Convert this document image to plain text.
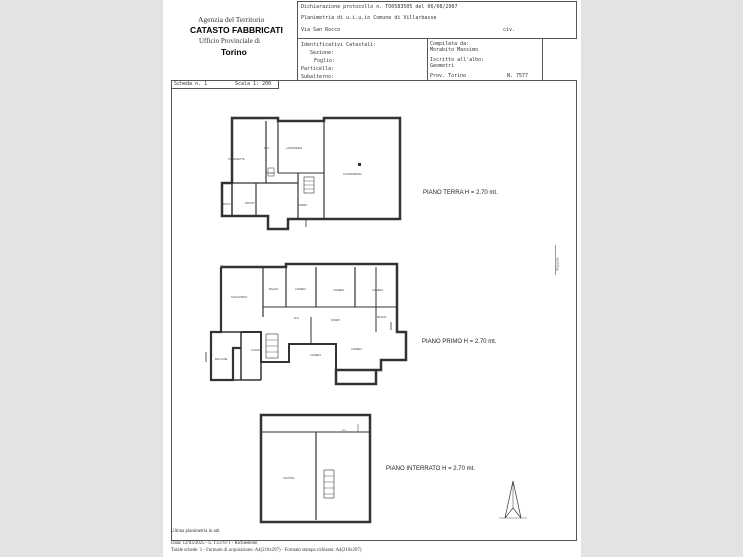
Agenzia del Territorio
CATASTO FABBRICATI
Ufficio Provinciale di
Torino
Dichiarazione protocollo n. TO0583505 del 06/08/2007
Planimetria di u.i.u.in Comune di Villarbasse
Via San Rocco	civ.
Identificativi Catastali:
Sezione:
Foglio:
Particella:
Subalterno:
Compilata da:
Morabito Massimo
Iscritto all'albo:
Geometri
Prov. Torino	N. 7577
Scheda n. 1	Scala 1: 200
Mappale
TAVERNETTA
W.C.	LAVANDERIA
AUTORIMESSA
DISIMP.
RIPOST.
BUCO	DISIMP.
PIANO TERRA H = 2.70 mt.
SOGGIORNO
BAGNO	CAMERA	CAMERA	CAMERA
BAGNO
DISIMP.
W.C.
BALCONE
CUCINA
CAMERA
CAMERA
PIANO PRIMO H = 2.70 mt.
CANTINA
C.L.
PIANO INTERRATO H = 2.70 mt.
Ultima planimetria in atti
Data: 12/03/2025 - n. T337871 - Richiedente
Totale schede: 1 - Formato di acquisizione: A4(210x297) - Formato stampa richiesto: A4(210x297)
